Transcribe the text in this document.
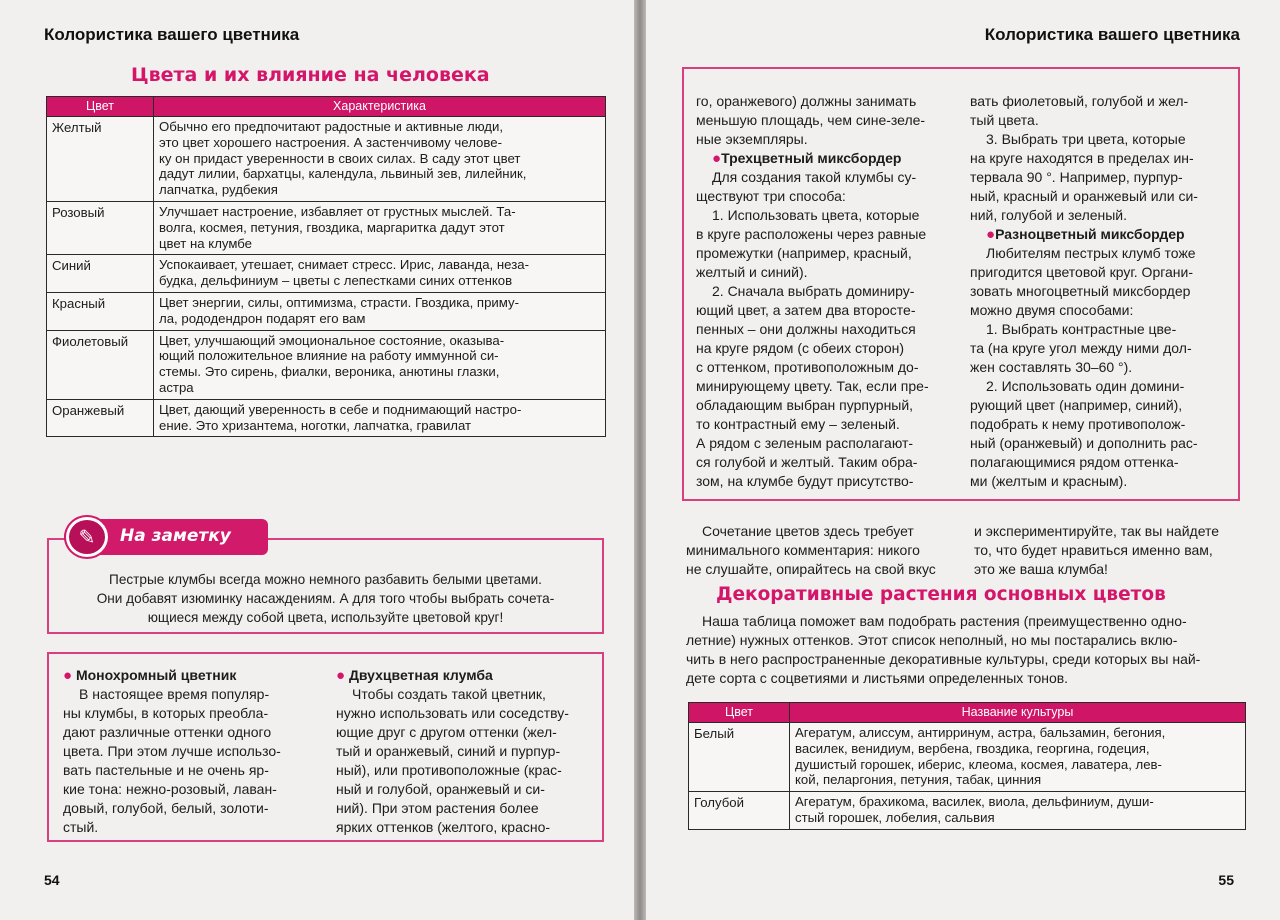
Колористика вашего цветника
Цвета и их влияние на человека
Цвет	Характеристика
Желтый	Обычно его предпочитают радостные и активные люди,
это цвет хорошего настроения. А застенчивому челове-
ку он придаст уверенности в своих силах. В саду этот цвет
дадут лилии, бархатцы, календула, львиный зев, лилейник,
лапчатка, рудбекия

Розовый	Улучшает настроение, избавляет от грустных мыслей. Та-
волга, космея, петуния, гвоздика, маргаритка дадут этот
цвет на клумбе

Синий	Успокаивает, утешает, снимает стресс. Ирис, лаванда, неза-
будка, дельфиниум – цветы с лепестками синих оттенков

Красный	Цвет энергии, силы, оптимизма, страсти. Гвоздика, приму-
ла, рододендрон подарят его вам

Фиолетовый	Цвет, улучшающий эмоциональное состояние, оказыва-
ющий положительное влияние на работу иммунной си-
стемы. Это сирень, фиалки, вероника, анютины глазки,
астра

Оранжевый	Цвет, дающий уверенность в себе и поднимающий настро-
ение. Это хризантема, ноготки, лапчатка, гравилат
На заметку
✎
Пестрые клумбы всегда можно немного разбавить белыми цветами.
Они добавят изюминку насаждениям. А для того чтобы выбрать сочета-
ющиеся между собой цвета, используйте цветовой круг!

● Монохромный цветник

В настоящее время популяр-
ны клумбы, в которых преобла-
дают различные оттенки одного
цвета. При этом лучше использо-
вать пастельные и не очень яр-
кие тона: нежно-розовый, лаван-
довый, голубой, белый, золоти-
стый.

● Двухцветная клумба

Чтобы создать такой цветник,
нужно использовать или соседству-
ющие друг с другом оттенки (жел-
тый и оранжевый, синий и пурпур-
ный), или противоположные (крас-
ный и голубой, оранжевый и си-
ний). При этом растения более
ярких оттенков (желтого, красно-
54
Колористика вашего цветника
го, оранжевого) должны занимать
меньшую площадь, чем сине-зеле-
ные экземпляры.
●Трехцветный миксбордер
Для создания такой клумбы су-
ществуют три способа:
1. Использовать цвета, которые
в круге расположены через равные
промежутки (например, красный,
желтый и синий).
2. Сначала выбрать доминиру-
ющий цвет, а затем два второсте-
пенных – они должны находиться
на круге рядом (с обеих сторон)
с оттенком, противоположным до-
минирующему цвету. Так, если пре-
обладающим выбран пурпурный,
то контрастный ему – зеленый.
А рядом с зеленым располагают-
ся голубой и желтый. Таким обра-
зом, на клумбе будут присутство-
вать фиолетовый, голубой и жел-
тый цвета.
3. Выбрать три цвета, которые
на круге находятся в пределах ин-
тервала 90 °. Например, пурпур-
ный, красный и оранжевый или си-
ний, голубой и зеленый.
●Разноцветный миксбордер
Любителям пестрых клумб тоже
пригодится цветовой круг. Органи-
зовать многоцветный миксбордер
можно двумя способами:
1. Выбрать контрастные цве-
та (на круге угол между ними дол-
жен составлять 30–60 °).
2. Использовать один домини-
рующий цвет (например, синий),
подобрать к нему противополож-
ный (оранжевый) и дополнить рас-
полагающимися рядом оттенка-
ми (желтым и красным).
Сочетание цветов здесь требует
минимального комментария: никого
не слушайте, опирайтесь на свой вкус
и экспериментируйте, так вы найдете
то, что будет нравиться именно вам,
это же ваша клумба!
Декоративные растения основных цветов
Наша таблица поможет вам подобрать растения (преимущественно одно-
летние) нужных оттенков. Этот список неполный, но мы постарались вклю-
чить в него распространенные декоративные культуры, среди которых вы най-
дете сорта с соцветиями и листьями определенных тонов.
Цвет	Название культуры
Белый	Агератум, алиссум, антирринум, астра, бальзамин, бегония,
василек, венидиум, вербена, гвоздика, георгина, годеция,
душистый горошек, иберис, клеома, космея, лаватера, лев-
кой, пеларгония, петуния, табак, цинния

Голубой	Агератум, брахикома, василек, виола, дельфиниум, души-
стый горошек, лобелия, сальвия
55
